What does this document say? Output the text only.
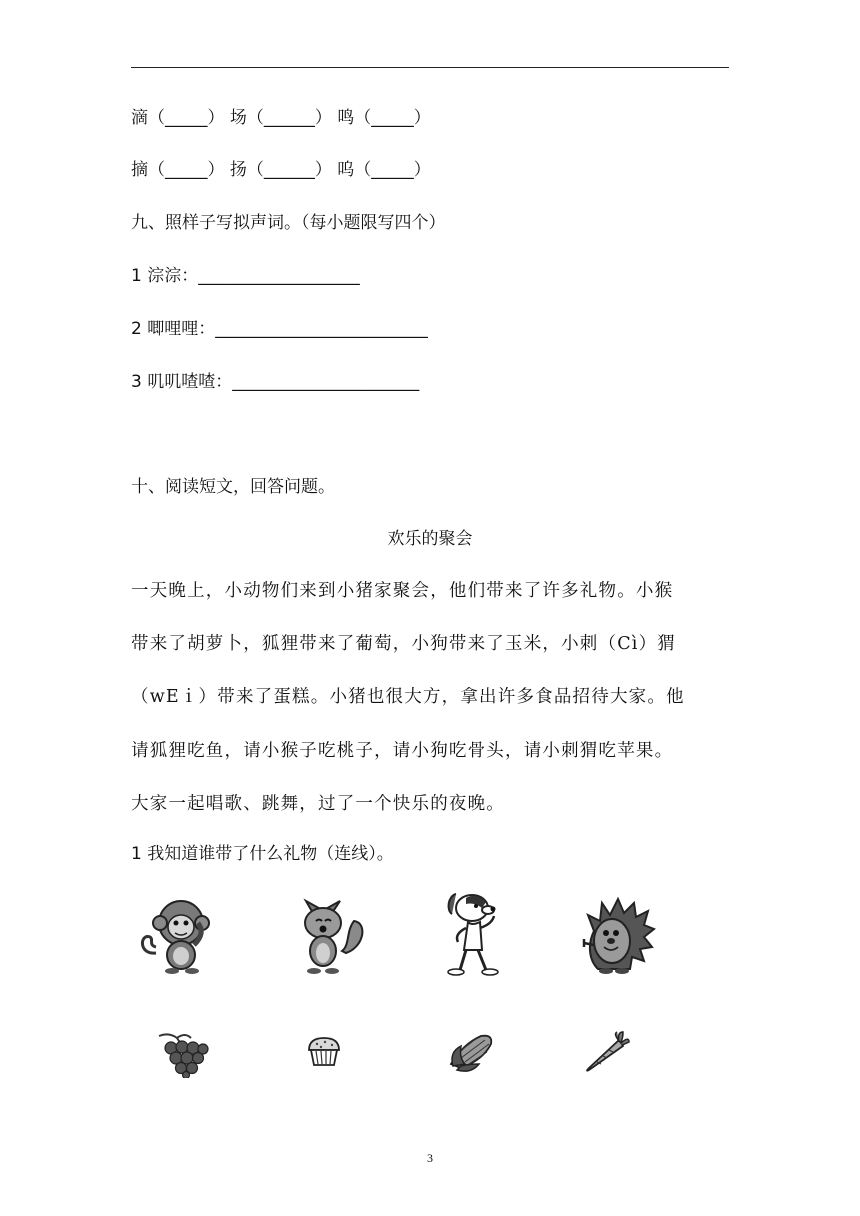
滴（_____） 场（______） 鸣（_____）
摘（_____） 扬（______） 呜（_____）
九、照样子写拟声词。（每小题限写四个）
1 淙淙：___________________
2 唧哩哩：_________________________
3 叽叽喳喳：______________________
十、阅读短文，回答问题。
欢乐的聚会
一天晚上，小动物们来到小猪家聚会，他们带来了许多礼物。小猴
带来了胡萝卜，狐狸带来了葡萄，小狗带来了玉米，小刺（Cì）猬
（wEｉ）带来了蛋糕。小猪也很大方，拿出许多食品招待大家。他
请狐狸吃鱼，请小猴子吃桃子，请小狗吃骨头，请小刺猬吃苹果。
大家一起唱歌、跳舞，过了一个快乐的夜晚。
1 我知道谁带了什么礼物（连线）。
3
